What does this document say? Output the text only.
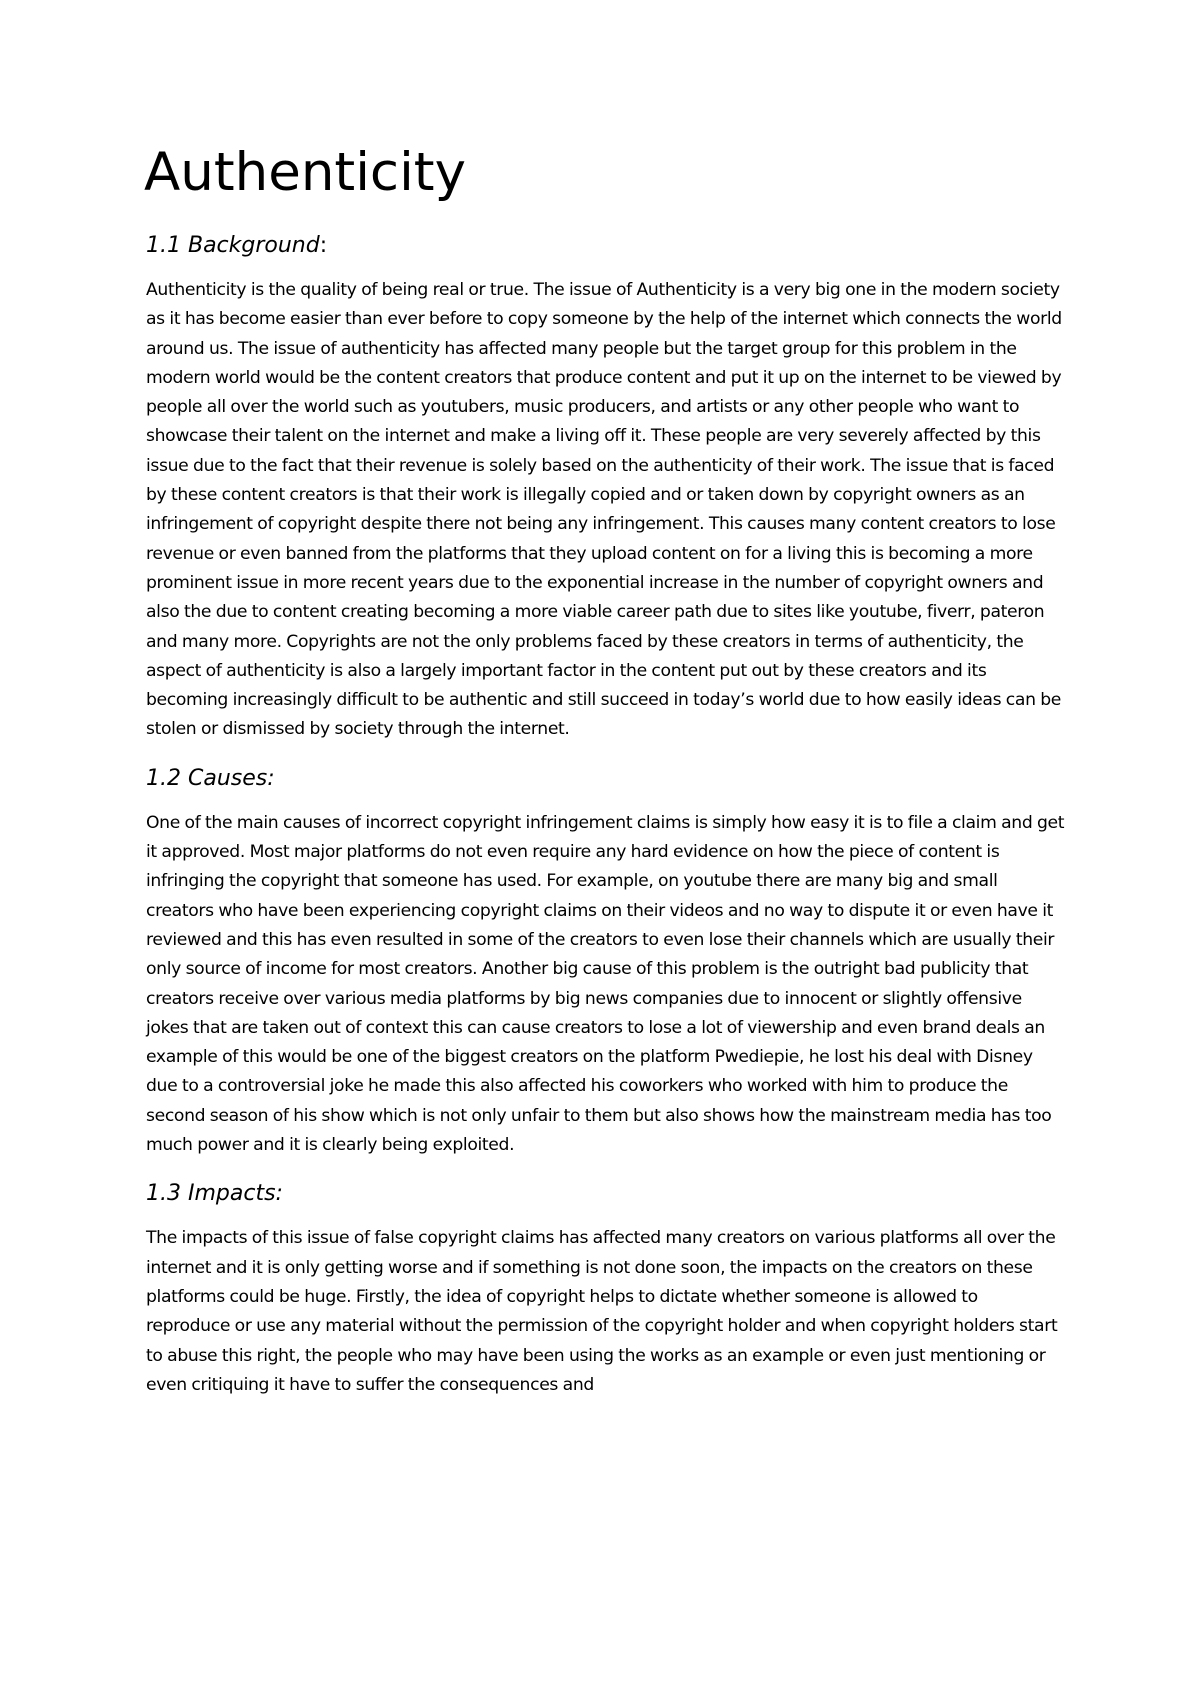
Authenticity
1.1 Background:

Authenticity is the quality of being real or true. The issue of Authenticity is a very big one in the modern society as it has become easier than ever before to copy someone by the help of the internet which connects the world around us. The issue of authenticity has affected many people but the target group for this problem in the modern world would be the content creators that produce content and put it up on the internet to be viewed by people all over the world such as youtubers, music producers, and artists or any other people who want to showcase their talent on the internet and make a living off it. These people are very severely affected by this issue due to the fact that their revenue is solely based on the authenticity of their work. The issue that is faced by these content creators is that their work is illegally copied and or taken down by copyright owners as an infringement of copyright despite there not being any infringement. This causes many content creators to lose revenue or even banned from the platforms that they upload content on for a living this is becoming a more prominent issue in more recent years due to the exponential increase in the number of copyright owners and also the due to content creating becoming a more viable career path due to sites like youtube, fiverr, pateron and many more. Copyrights are not the only problems faced by these creators in terms of authenticity, the aspect of authenticity is also a largely important factor in the content put out by these creators and its becoming increasingly difficult to be authentic and still succeed in today’s world due to how easily ideas can be stolen or dismissed by society through the internet.

1.2 Causes:

One of the main causes of incorrect copyright infringement claims is simply how easy it is to file a claim and get it approved. Most major platforms do not even require any hard evidence on how the piece of content is infringing the copyright that someone has used. For example, on youtube there are many big and small creators who have been experiencing copyright claims on their videos and no way to dispute it or even have it reviewed and this has even resulted in some of the creators to even lose their channels which are usually their only source of income for most creators. Another big cause of this problem is the outright bad publicity that creators receive over various media platforms by big news companies due to innocent or slightly offensive jokes that are taken out of context this can cause creators to lose a lot of viewership and even brand deals an example of this would be one of the biggest creators on the platform Pwediepie, he lost his deal with Disney due to a controversial joke he made this also affected his coworkers who worked with him to produce the second season of his show which is not only unfair to them but also shows how the mainstream media has too much power and it is clearly being exploited.

1.3 Impacts:

The impacts of this issue of false copyright claims has affected many creators on various platforms all over the internet and it is only getting worse and if something is not done soon, the impacts on the creators on these platforms could be huge. Firstly, the idea of copyright helps to dictate whether someone is allowed to reproduce or use any material without the permission of the copyright holder and when copyright holders start to abuse this right, the people who may have been using the works as an example or even just mentioning or even critiquing it have to suffer the consequences and
